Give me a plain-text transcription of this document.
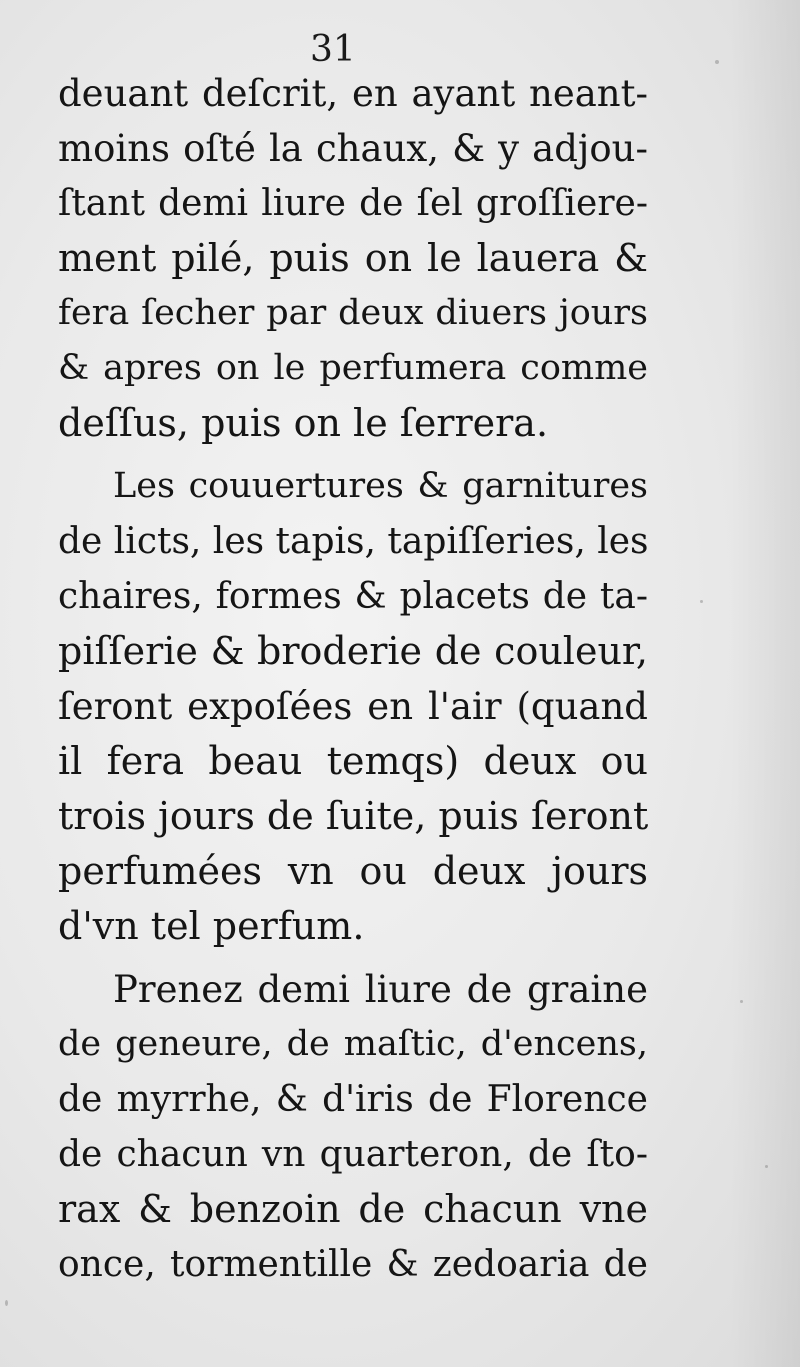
31
deuant deſcrit, en ayant neant-
moins oſté la chaux, & y adjou-
ſtant demi liure de ſel groſſiere-
ment pilé, puis on le lauera &
fera ſecher par deux diuers jours
& apres on le perfumera comme
deſſus, puis on le ſerrera.
Les couuertures & garnitures
de licts, les tapis, tapiſſeries, les
chaires, formes & placets de ta-
piſſerie & broderie de couleur,
ſeront expoſées en l'air (quand
il fera beau temqs) deux ou
trois jours de ſuite, puis ſeront
perfumées vn ou deux jours
d'vn tel perfum.
Prenez demi liure de graine
de geneure, de maſtic, d'encens,
de myrrhe, & d'iris de Florence
de chacun vn quarteron, de ſto-
rax & benzoin de chacun vne
once, tormentille & zedoaria de
